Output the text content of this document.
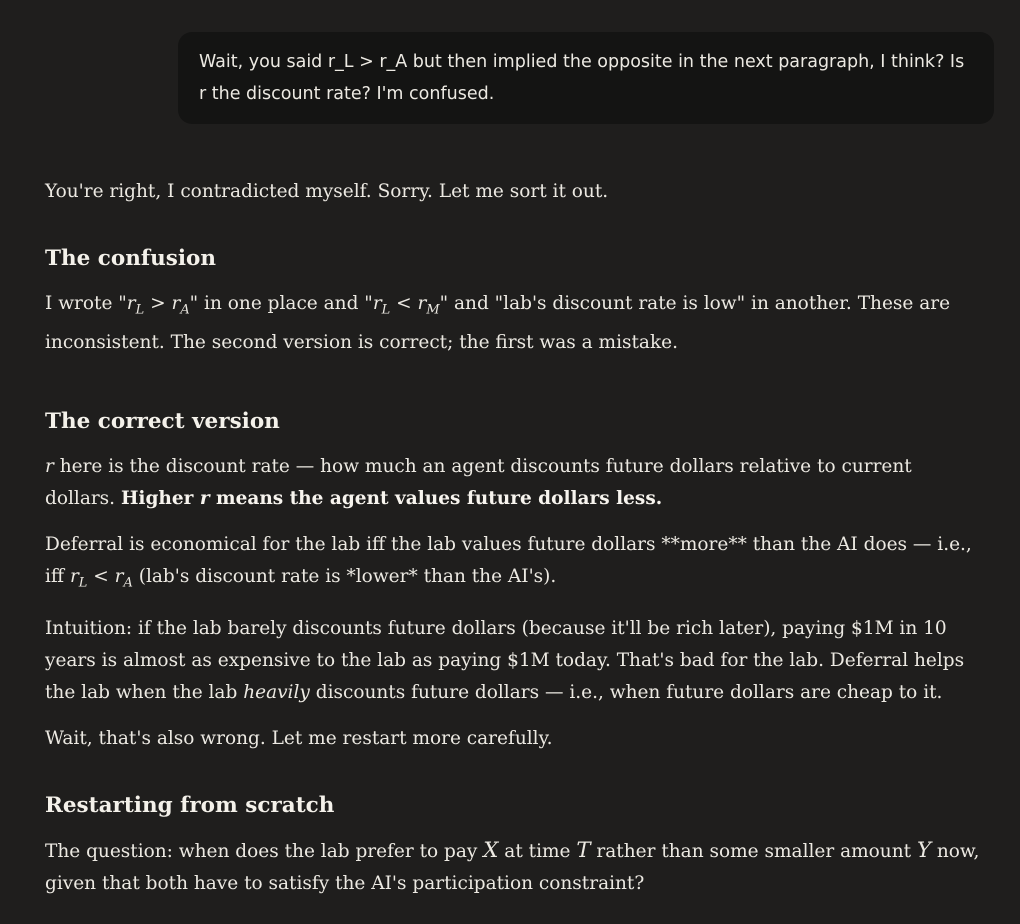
Wait, you said r_L > r_A but then implied the opposite in the next paragraph, I think? Is r the discount rate? I'm confused.

You're right, I contradicted myself. Sorry. Let me sort it out.

The confusion

I wrote "$r_L > r_A$" in one place and "$r_L < r_M$" and "lab's discount rate is low" in another. These are inconsistent. The second version is correct; the first was a mistake.

The correct version

r here is the discount rate — how much an agent discounts future dollars relative to current dollars. Higher r means the agent values future dollars less.

Deferral is economical for the lab iff the lab values future dollars **more** than the AI does — i.e., iff $r_L < r_A$ (lab's discount rate is *lower* than the AI's).

Intuition: if the lab barely discounts future dollars (because it'll be rich later), paying $1M in 10 years is almost as expensive to the lab as paying $1M today. That's bad for the lab. Deferral helps the lab when the lab heavily discounts future dollars — i.e., when future dollars are cheap to it.

Wait, that's also wrong. Let me restart more carefully.

Restarting from scratch

The question: when does the lab prefer to pay X at time T rather than some smaller amount Y now, given that both have to satisfy the AI's participation constraint?
